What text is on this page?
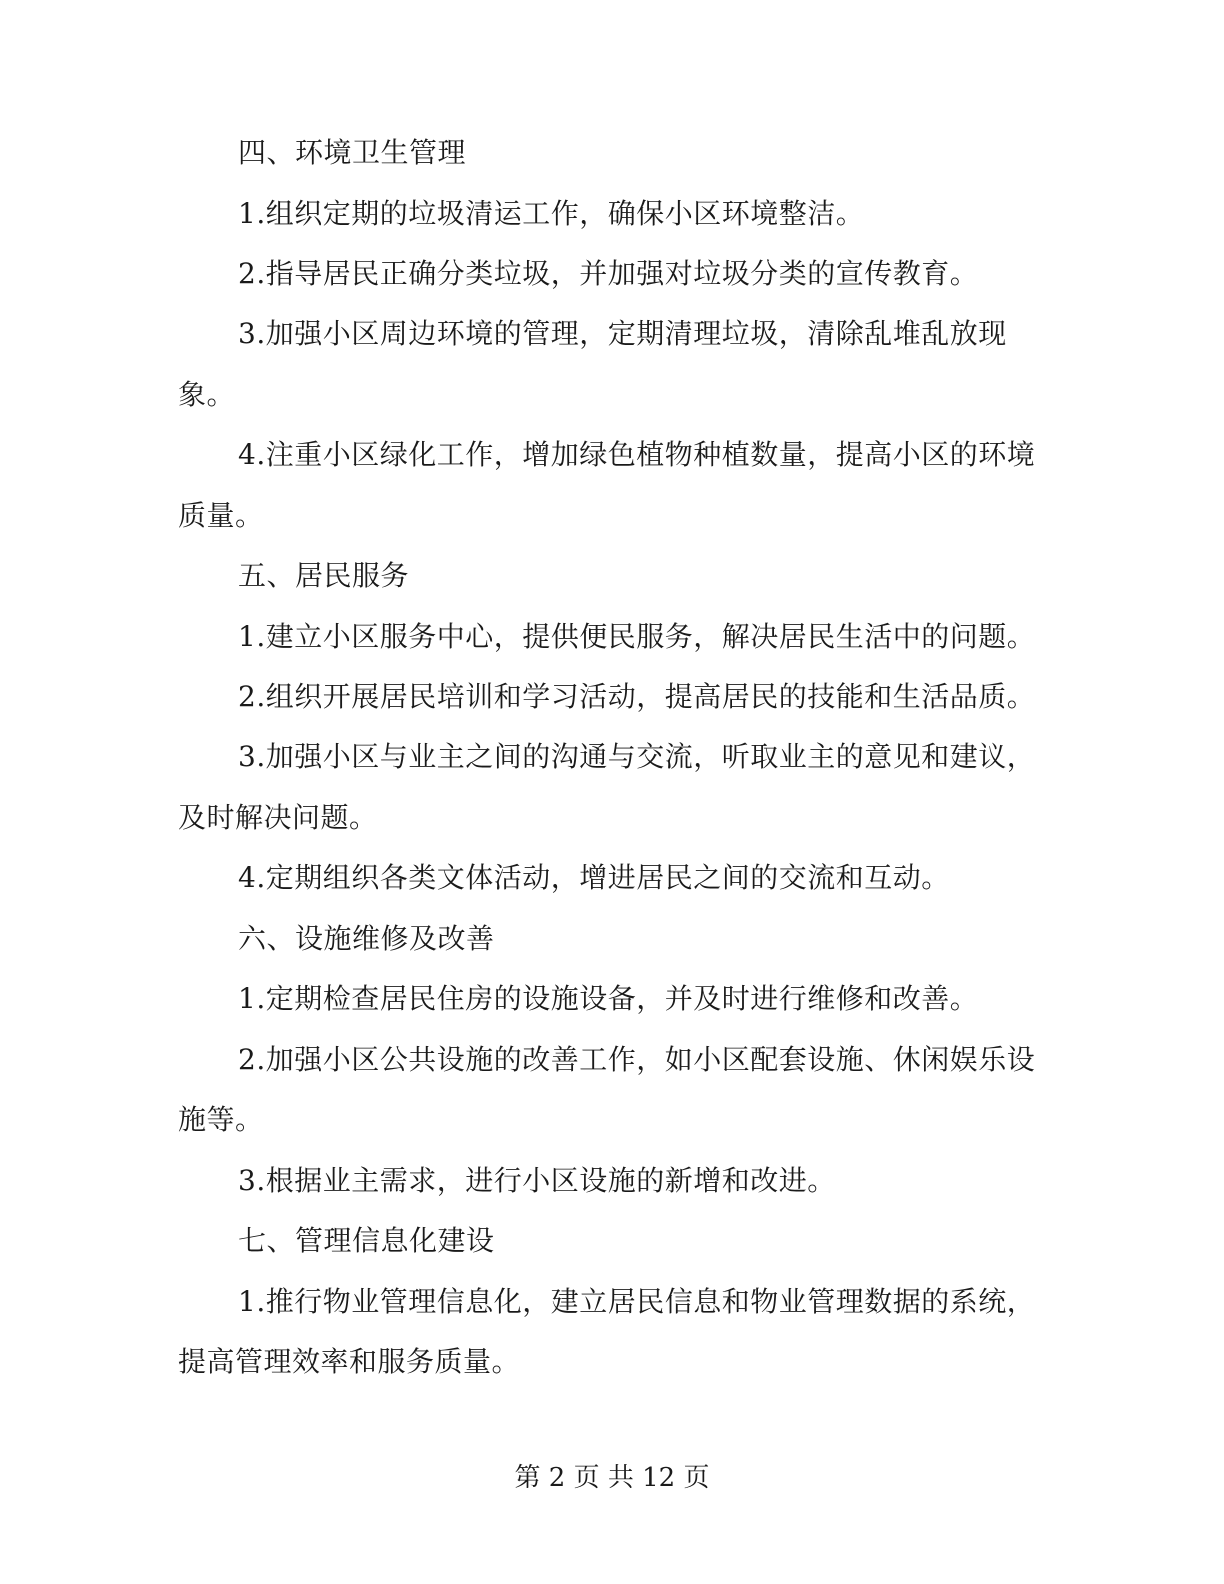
四、环境卫生管理
1.组织定期的垃圾清运工作，确保小区环境整洁。
2.指导居民正确分类垃圾，并加强对垃圾分类的宣传教育。
3.加强小区周边环境的管理，定期清理垃圾，清除乱堆乱放现
象。
4.注重小区绿化工作，增加绿色植物种植数量，提高小区的环境
质量。
五、居民服务
1.建立小区服务中心，提供便民服务，解决居民生活中的问题。
2.组织开展居民培训和学习活动，提高居民的技能和生活品质。
3.加强小区与业主之间的沟通与交流，听取业主的意见和建议，
及时解决问题。
4.定期组织各类文体活动，增进居民之间的交流和互动。
六、设施维修及改善
1.定期检查居民住房的设施设备，并及时进行维修和改善。
2.加强小区公共设施的改善工作，如小区配套设施、休闲娱乐设
施等。
3.根据业主需求，进行小区设施的新增和改进。
七、管理信息化建设
1.推行物业管理信息化，建立居民信息和物业管理数据的系统，
提高管理效率和服务质量。
第 2 页 共 12 页
